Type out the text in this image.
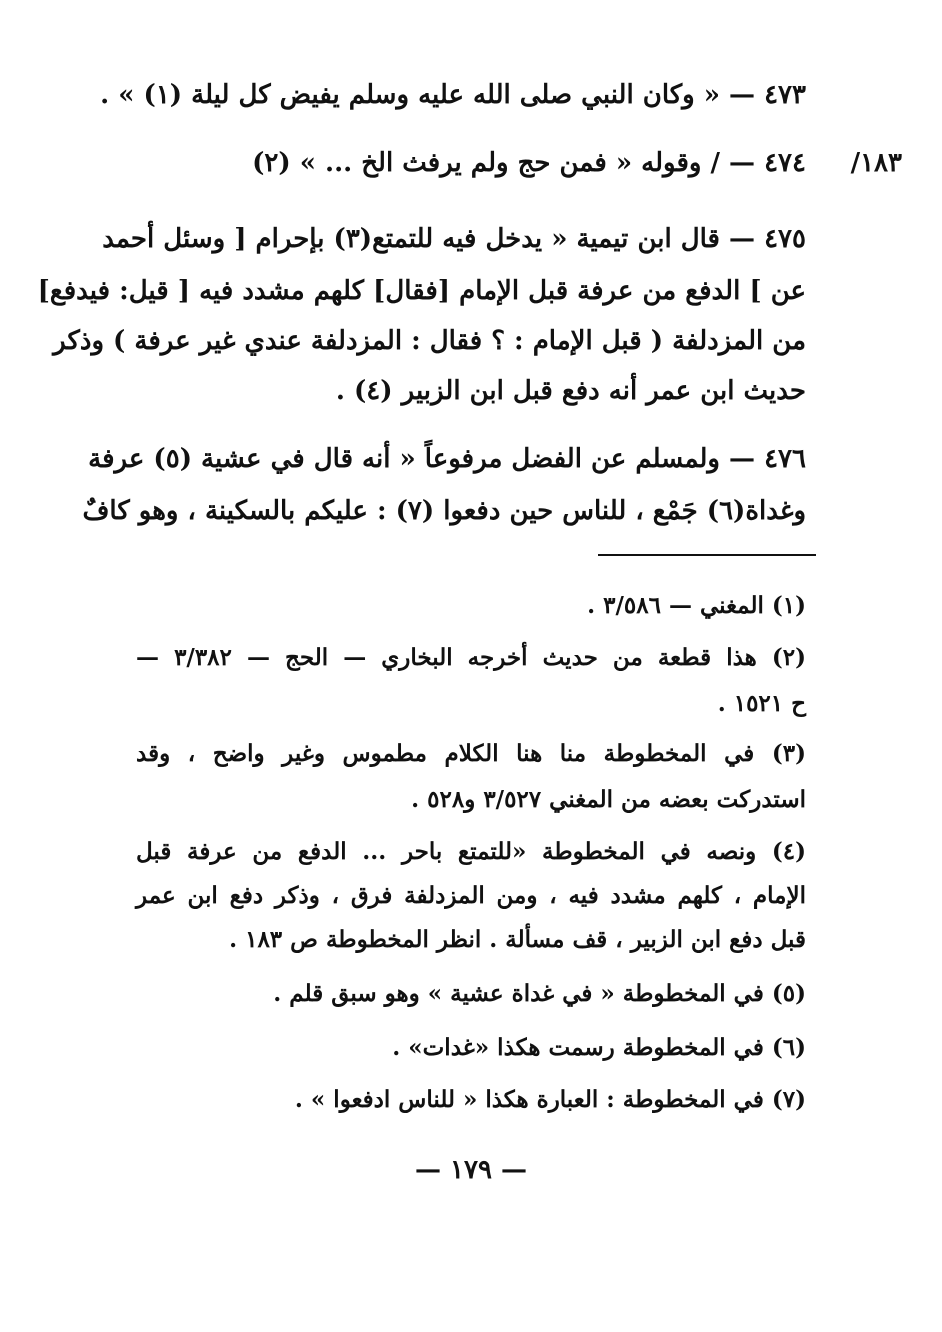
١٨٣/
٤٧٣ — « وكان النبي صلى الله عليه وسلم يفيض كل ليلة (١) » .
٤٧٤ — / وقوله « فمن حج ولم يرفث الخ ... » (٢)
٤٧٥ — قال ابن تيمية « يدخل فيه للتمتع(٣) بإحرام [ وسئل أحمد
عن ] الدفع من عرفة قبل الإمام [فقال] كلهم مشدد فيه [ قيل: فيدفع]
من المزدلفة ( قبل الإمام : ؟ فقال : المزدلفة عندي غير عرفة ) وذكر
حديث ابن عمر أنه دفع قبل ابن الزبير (٤) .
٤٧٦ — ولمسلم عن الفضل مرفوعاً « أنه قال في عشية (٥) عرفة
وغداة(٦) جَمْع ، للناس حين دفعوا (٧) : عليكم بالسكينة ، وهو كافٌ
(١) المغني — ٣/٥٨٦ .
(٢) هذا قطعة من حديث أخرجه البخاري — الحج — ٣/٣٨٢ —
ح ١٥٢١ .
(٣) في المخطوطة منا هنا الكلام مطموس وغير واضح ، وقد
استدركت بعضه من المغني ٣/٥٢٧ و٥٢٨ .
(٤) ونصه في المخطوطة «للتمتع باحر ... الدفع من عرفة قبل
الإمام ، كلهم مشدد فيه ، ومن المزدلفة فرق ، وذكر دفع ابن عمر
قبل دفع ابن الزبير ، قف مسألة . انظر المخطوطة ص ١٨٣ .
(٥) في المخطوطة « في غداة عشية » وهو سبق قلم .
(٦) في المخطوطة رسمت هكذا «غدات» .
(٧) في المخطوطة : العبارة هكذا « للناس ادفعوا » .
— ١٧٩ —
